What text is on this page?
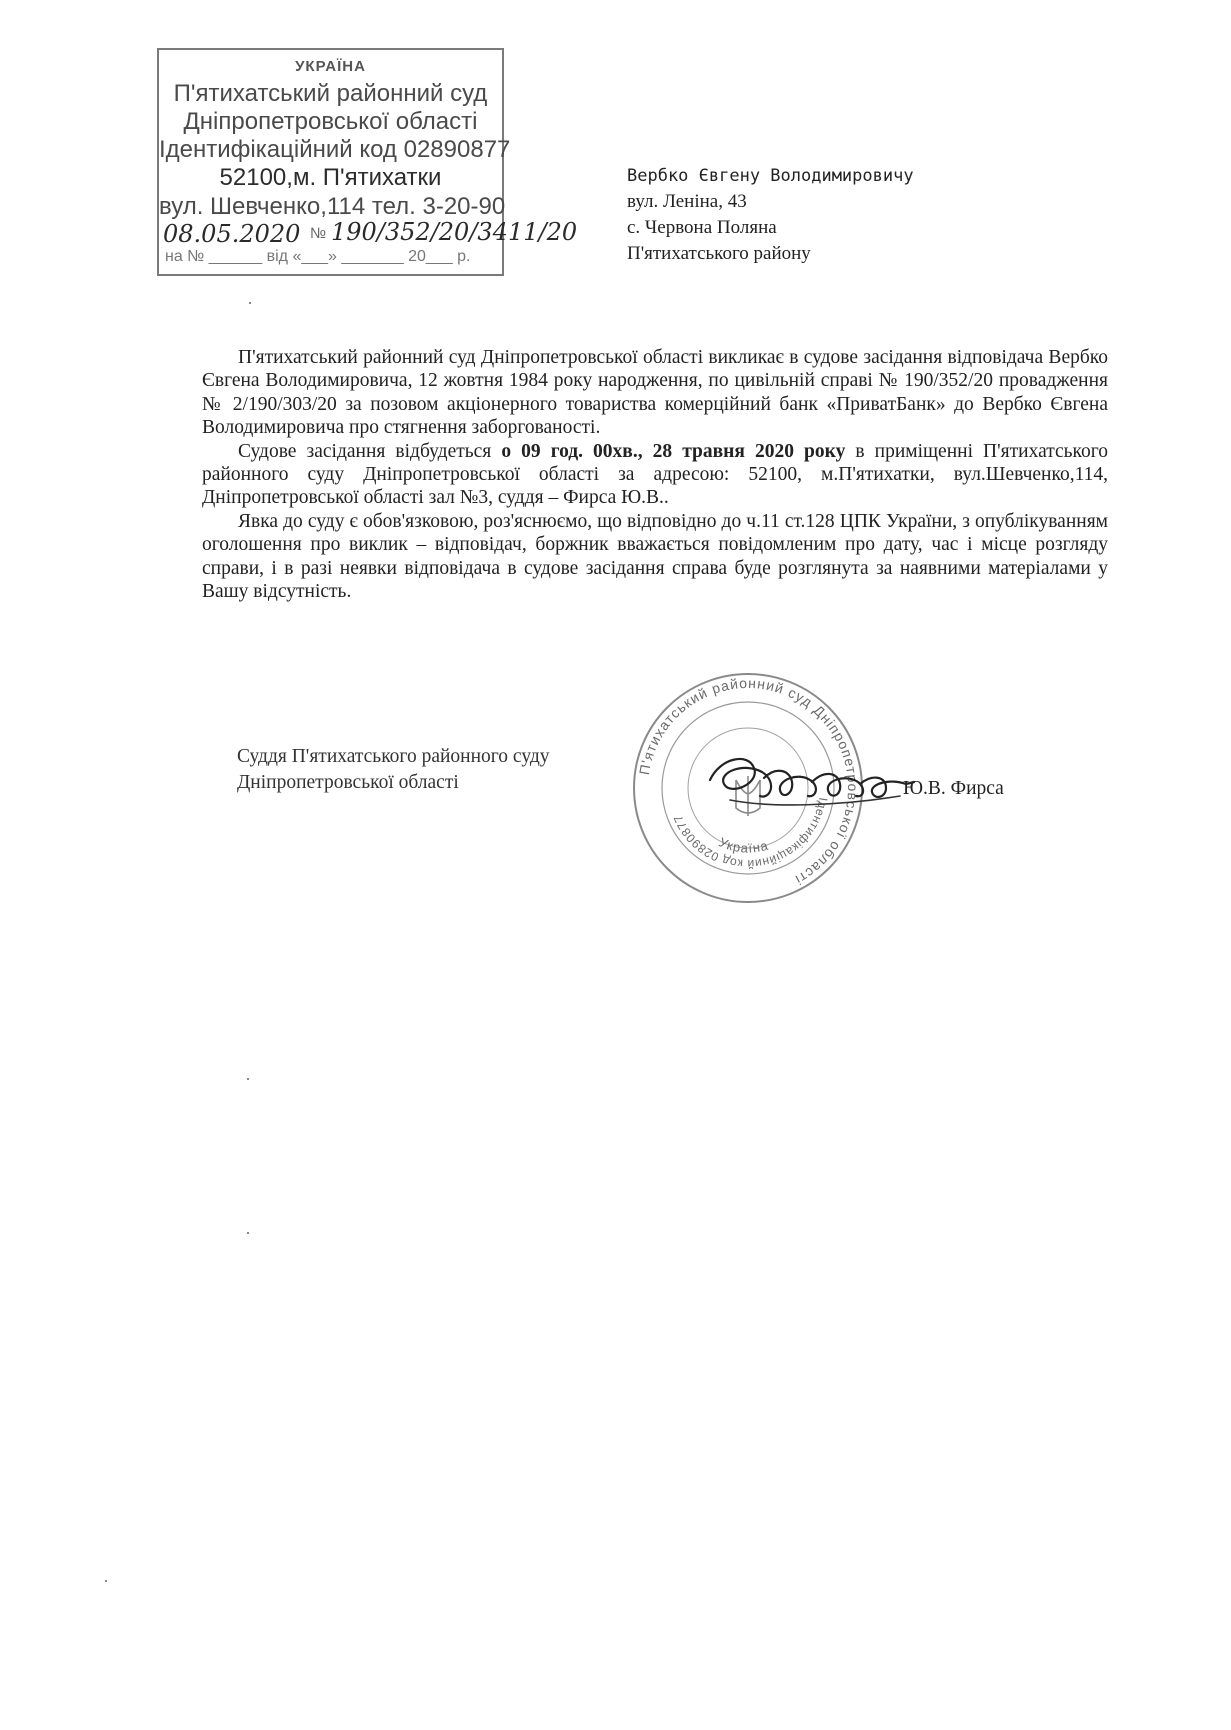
УКРАЇНА
П'ятихатський районний суд
Дніпропетровської області
Ідентифікаційний код 02890877
52100,м. П'ятихатки
вул. Шевченко,114 тел. 3-20-90
08.05.2020 № 190/352/20/3411/20
на № ______ від «___» _______ 20___ р.
Вербко Євгену Володимировичу
вул. Леніна, 43
с. Червона Поляна
П'ятихатського району

П'ятихатський районний суд Дніпропетровської області викликає в судове засідання відповідача Вербко Євгена Володимировича, 12 жовтня 1984 року народження, по цивільній справі № 190/352/20 провадження № 2/190/303/20 за позовом акціонерного товариства комерційний банк «ПриватБанк» до Вербко Євгена Володимировича про стягнення заборгованості.

Судове засідання відбудеться о 09 год. 00хв., 28 травня 2020 року в приміщенні П'ятихатського районного суду Дніпропетровської області за адресою: 52100, м.П'ятихатки, вул.Шевченко,114, Дніпропетровської області зал №3, суддя – Фирса Ю.В..

Явка до суду є обов'язковою, роз'яснюємо, що відповідно до ч.11 ст.128 ЦПК України, з опублікуванням оголошення про виклик – відповідач, боржник вважається повідомленим про дату, час і місце розгляду справи, і в разі неявки відповідача в судове засідання справа буде розглянута за наявними матеріалами у Вашу відсутність.

П'ятихатський районний суд Дніпропетровської області
Ідентифікаційний код 02890877
Україна
Суддя П'ятихатського районного суду
Дніпропетровської області	Ю.В. Фирса
